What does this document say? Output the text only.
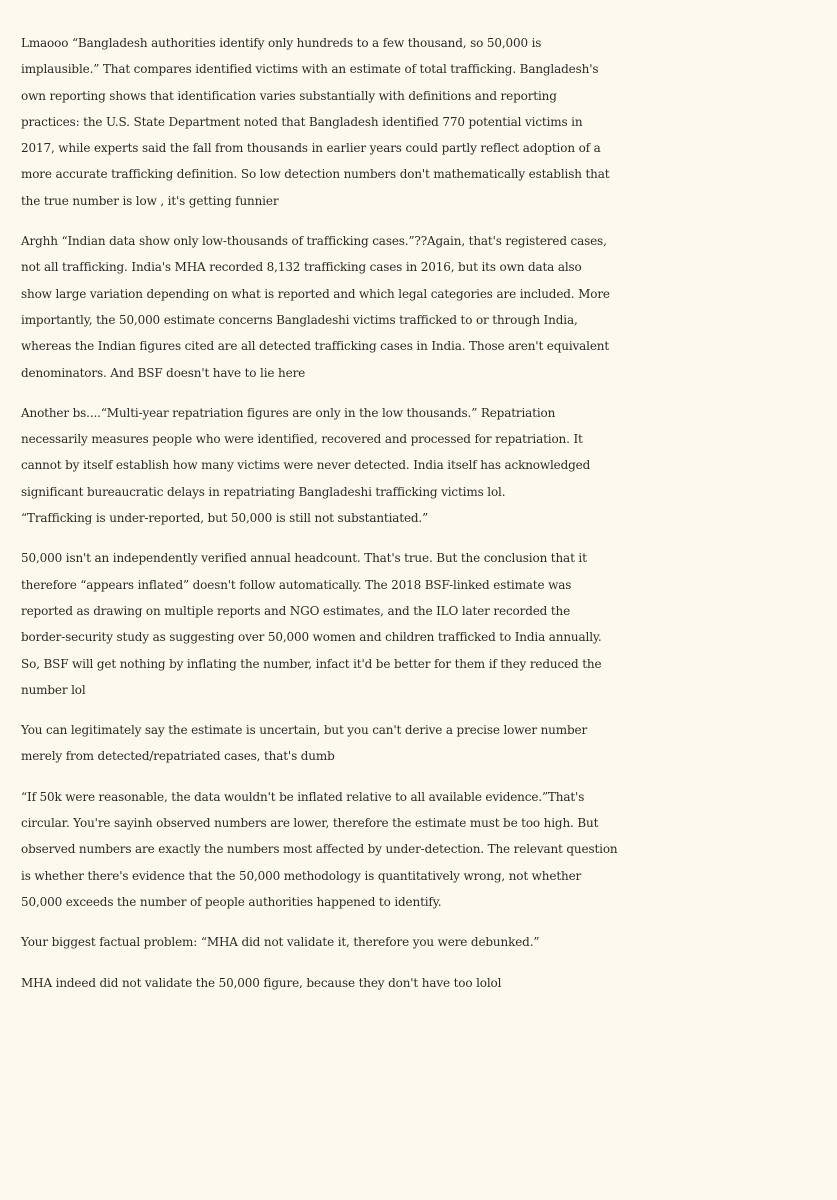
Lmaooo “Bangladesh authorities identify only hundreds to a few thousand, so 50,000 is
implausible.” That compares identified victims with an estimate of total trafficking. Bangladesh's
own reporting shows that identification varies substantially with definitions and reporting
practices: the U.S. State Department noted that Bangladesh identified 770 potential victims in
2017, while experts said the fall from thousands in earlier years could partly reflect adoption of a
more accurate trafficking definition. So low detection numbers don't mathematically establish that
the true number is low , it's getting funnier
Arghh “Indian data show only low-thousands of trafficking cases.”??Again, that's registered cases,
not all trafficking. India's MHA recorded 8,132 trafficking cases in 2016, but its own data also
show large variation depending on what is reported and which legal categories are included. More
importantly, the 50,000 estimate concerns Bangladeshi victims trafficked to or through India,
whereas the Indian figures cited are all detected trafficking cases in India. Those aren't equivalent
denominators. And BSF doesn't have to lie here
Another bs....“Multi-year repatriation figures are only in the low thousands.” Repatriation
necessarily measures people who were identified, recovered and processed for repatriation. It
cannot by itself establish how many victims were never detected. India itself has acknowledged
significant bureaucratic delays in repatriating Bangladeshi trafficking victims lol.
“Trafficking is under-reported, but 50,000 is still not substantiated.”
50,000 isn't an independently verified annual headcount. That's true. But the conclusion that it
therefore “appears inflated” doesn't follow automatically. The 2018 BSF-linked estimate was
reported as drawing on multiple reports and NGO estimates, and the ILO later recorded the
border-security study as suggesting over 50,000 women and children trafficked to India annually.
So, BSF will get nothing by inflating the number, infact it'd be better for them if they reduced the
number lol
You can legitimately say the estimate is uncertain, but you can't derive a precise lower number
merely from detected/repatriated cases, that's dumb
“If 50k were reasonable, the data wouldn't be inflated relative to all available evidence.”That's
circular. You're sayinh observed numbers are lower, therefore the estimate must be too high. But
observed numbers are exactly the numbers most affected by under-detection. The relevant question
is whether there's evidence that the 50,000 methodology is quantitatively wrong, not whether
50,000 exceeds the number of people authorities happened to identify.
Your biggest factual problem: “MHA did not validate it, therefore you were debunked.”
MHA indeed did not validate the 50,000 figure, because they don't have too lolol
